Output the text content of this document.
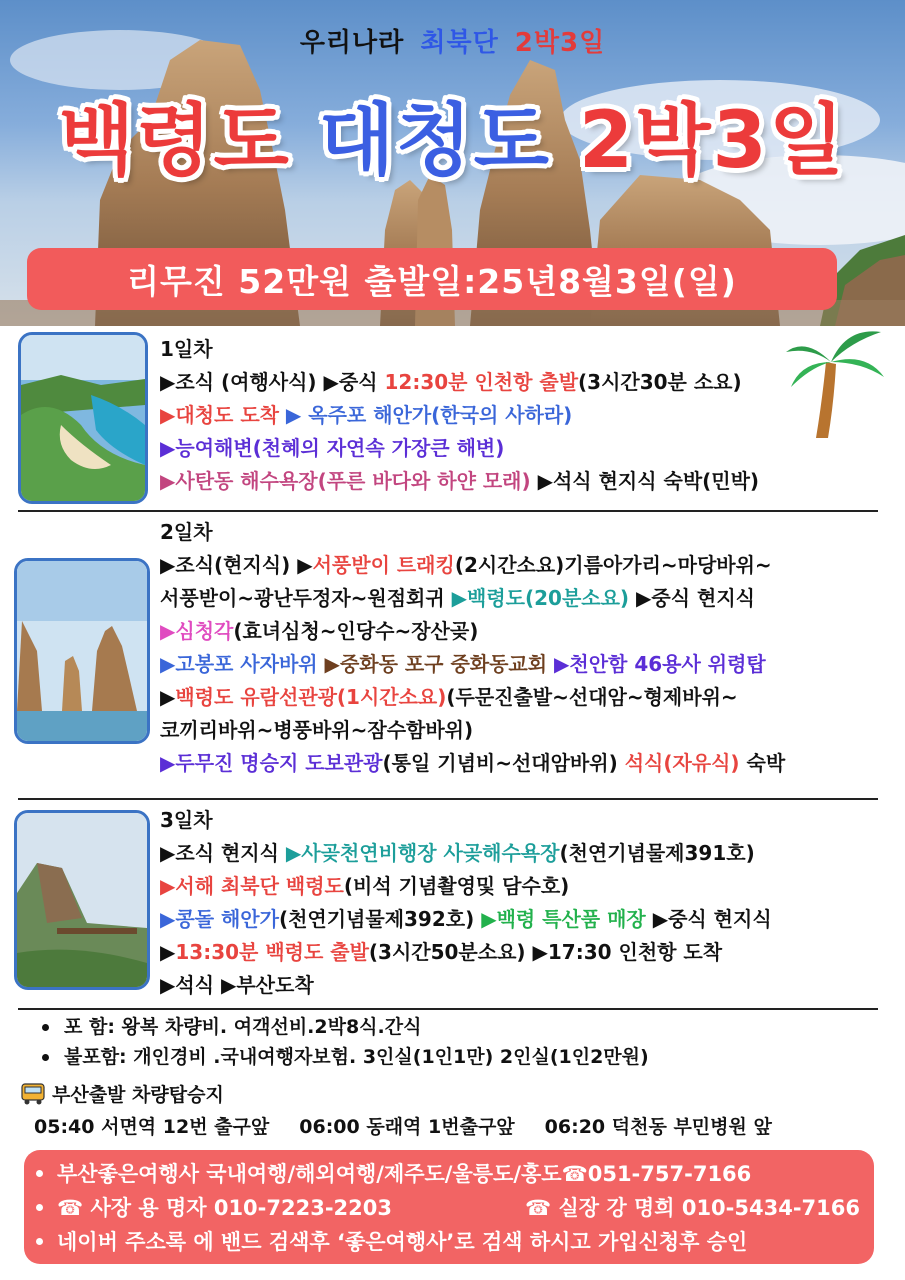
우리나라 최북단 2박3일
백령도 대청도 2박3일
리무진 52만원 출발일:25년8월3일(일)
1일차
▶조식 (여행사식) ▶중식 12:30분 인천항 출발(3시간30분 소요)
▶대청도 도착 ▶ 옥주포 해안가(한국의 사하라)
▶능여해변(천혜의 자연속 가장큰 해변)
▶사탄동 해수욕장(푸른 바다와 하얀 모래) ▶석식 현지식 숙박(민박)
2일차
▶조식(현지식) ▶서풍받이 트래킹(2시간소요)기름아가리~마당바위~
서풍받이~광난두정자~원점회귀 ▶백령도(20분소요) ▶중식 현지식
▶심청각(효녀심청~인당수~장산곶)
▶고봉포 사자바위 ▶중화동 포구 중화동교회 ▶천안함 46용사 위령탑
▶백령도 유람선관광(1시간소요)(두문진출발~선대암~형제바위~
코끼리바위~병풍바위~잠수함바위)
▶두무진 명승지 도보관광(통일 기념비~선대암바위) 석식(자유식) 숙박
3일차
▶조식 현지식 ▶사곶천연비행장 사곶해수욕장(천연기념물제391호)
▶서해 최북단 백령도(비석 기념촬영및 담수호)
▶콩돌 해안가(천연기념물제392호) ▶백령 특산품 매장 ▶중식 현지식
▶13:30분 백령도 출발(3시간50분소요) ▶17:30 인천항 도착
▶석식 ▶부산도착
포 함: 왕복 차량비. 여객선비.2박8식.간식
불포함: 개인경비 .국내여행자보험. 3인실(1인1만) 2인실(1인2만원)
부산출발 차량탑승지
05:40 서면역 12번 출구앞 06:00 동래역 1번출구앞 06:20 덕천동 부민병원 앞
부산좋은여행사 국내여행/해외여행/제주도/울릉도/홍도☎051-757-7166
☎ 사장 용 명자 010-7223-2203	☎ 실장 강 명희 010-5434-7166
네이버 주소록 에 밴드 검색후 ‘좋은여행사’로 검색 하시고 가입신청후 승인
